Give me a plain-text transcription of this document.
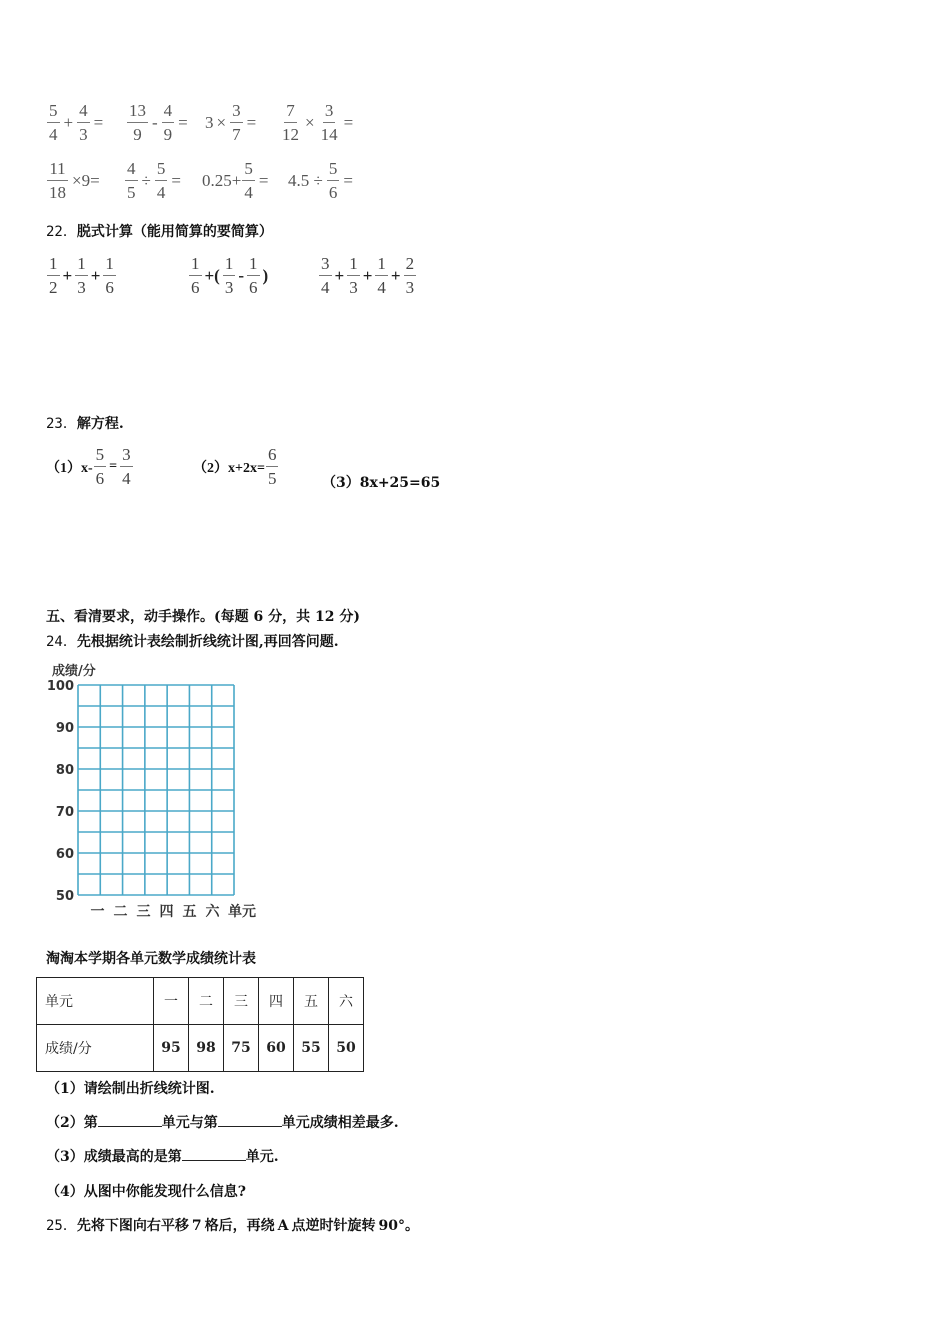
5
4
+ $\frac{4}{3}$ =
13
9
- $\frac{4}{9} = 3 \times \frac{3}{7} = \frac{7}{12} \times \frac{3}{14}$ =
$\frac{11}{18} \times 9= \frac{4}{5} \div \frac{5}{4} = 0.25+ \frac{5}{4} = 4.5 \div \frac{5}{6}$ =
22．脱式计算（能用简算的要简算）
1
2
+ $\frac{1}{3} + \frac{1}{6}$	1
6
+(
1
3
-
1
6
)
3
4
+ $\frac{1}{3} + \frac{1}{4} + \frac{2}{3}$
23．解方程.
$(1)x- \frac{5}{6} = \frac{3}{4}$	$(2)x+2x= \frac{6}{5}$	（3）8x+25=65
五、看清要求，动手操作。(每题 6 分，共 12 分)
24．先根据统计表绘制折线统计图,再回答问题.
成绩/分
100
90
80
70
60
50
一 二 三 四 五 六 单元
淘淘本学期各单元数学成绩统计表
单元	一	二	三	四	五	六
成绩/分	95	98	75	60	55	50
（1）请绘制出折线统计图.
（2）第	单元与第	单元成绩相差最多.
（3）成绩最高的是第	单元.
（4）从图中你能发现什么信息?
25．先将下图向右平移 7 格后，再绕 A 点逆时针旋转 90°。
